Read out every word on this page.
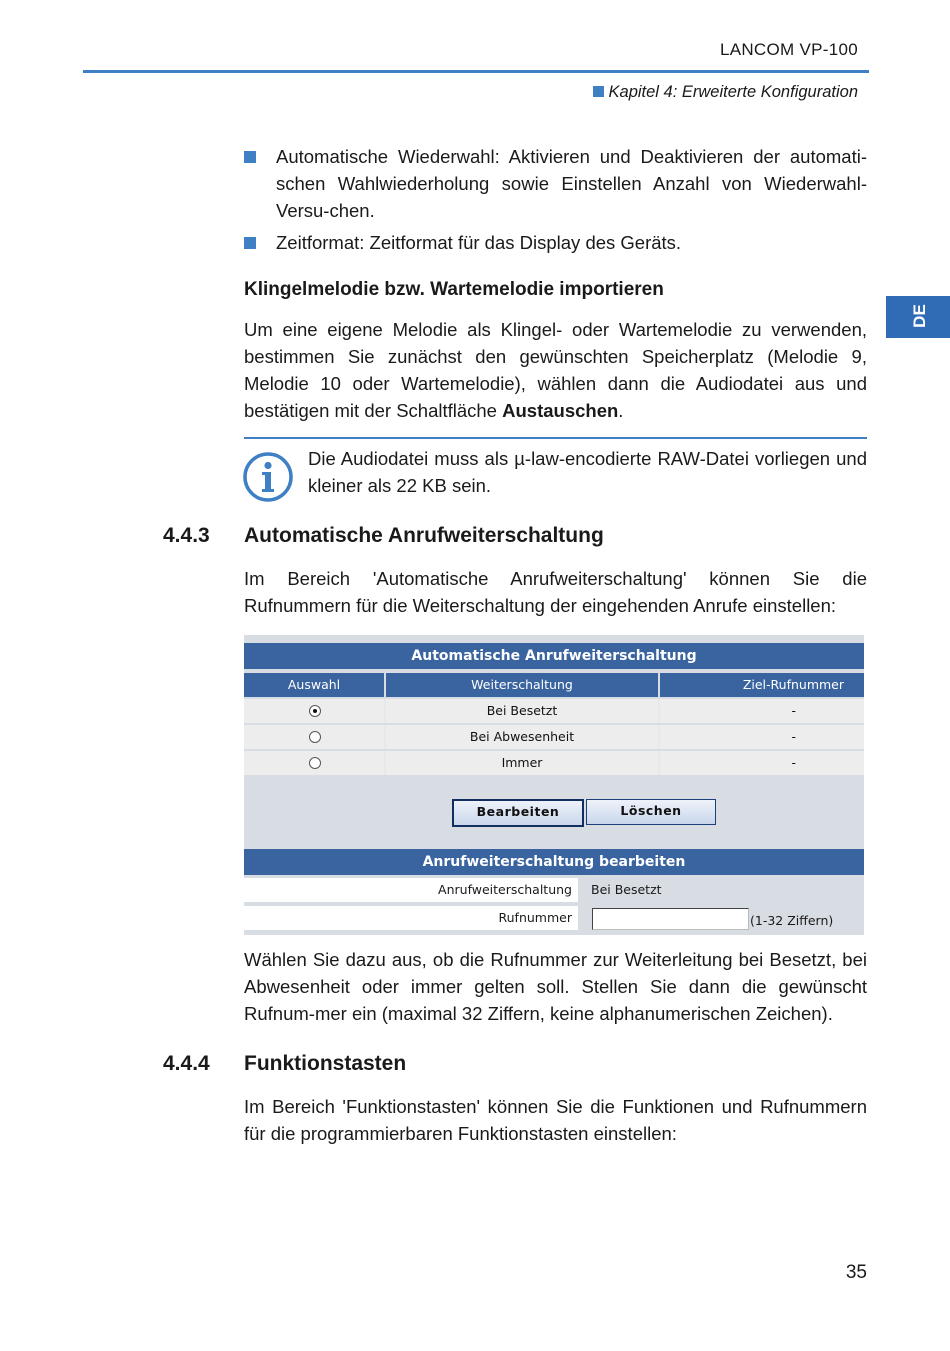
LANCOM VP-100
Kapitel 4: Erweiterte Konfiguration
DE
Automatische Wiederwahl: Aktivieren und Deaktivieren der automati-schen Wahlwiederholung sowie Einstellen Anzahl von Wiederwahl-Versu-chen.
Zeitformat: Zeitformat für das Display des Geräts.
Klingelmelodie bzw. Wartemelodie importieren
Um eine eigene Melodie als Klingel- oder Wartemelodie zu verwenden, bestimmen Sie zunächst den gewünschten Speicherplatz (Melodie 9, Melodie 10 oder Wartemelodie), wählen dann die Audiodatei aus und bestätigen mit der Schaltfläche Austauschen.
Die Audiodatei muss als µ-law-encodierte RAW-Datei vorliegen und kleiner als 22 KB sein.
4.4.3 Automatische Anrufweiterschaltung
Im Bereich 'Automatische Anrufweiterschaltung' können Sie die Rufnummern für die Weiterschaltung der eingehenden Anrufe einstellen:
Automatische Anrufweiterschaltung
Auswahl	Weiterschaltung	Ziel-Rufnummer
Bei Besetzt	-
Bei Abwesenheit	-
Immer	-
Bearbeiten	Löschen
Anrufweiterschaltung bearbeiten
Anrufweiterschaltung	Bei Besetzt
Rufnummer	(1-32 Ziffern)
Wählen Sie dazu aus, ob die Rufnummer zur Weiterleitung bei Besetzt, bei Abwesenheit oder immer gelten soll. Stellen Sie dann die gewünscht Rufnum-mer ein (maximal 32 Ziffern, keine alphanumerischen Zeichen).
4.4.4 Funktionstasten
Im Bereich 'Funktionstasten' können Sie die Funktionen und Rufnummern für die programmierbaren Funktionstasten einstellen:
35
